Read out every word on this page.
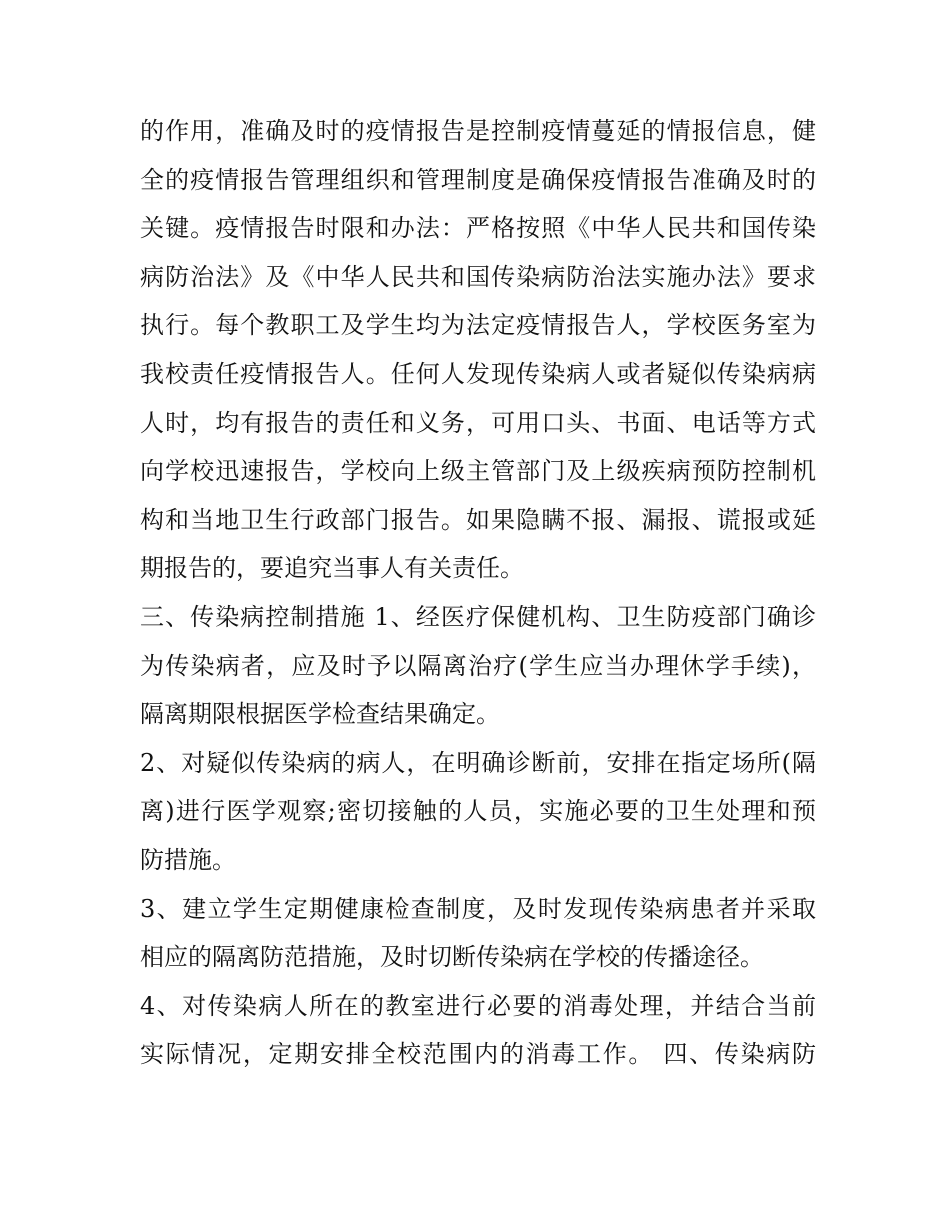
的作用，准确及时的疫情报告是控制疫情蔓延的情报信息，健
全的疫情报告管理组织和管理制度是确保疫情报告准确及时的
关键。疫情报告时限和办法：严格按照《中华人民共和国传染
病防治法》及《中华人民共和国传染病防治法实施办法》要求
执行。每个教职工及学生均为法定疫情报告人，学校医务室为
我校责任疫情报告人。任何人发现传染病人或者疑似传染病病
人时，均有报告的责任和义务，可用口头、书面、电话等方式
向学校迅速报告，学校向上级主管部门及上级疾病预防控制机
构和当地卫生行政部门报告。如果隐瞒不报、漏报、谎报或延
期报告的，要追究当事人有关责任。
三、传染病控制措施 1、经医疗保健机构、卫生防疫部门确诊
为传染病者，应及时予以隔离治疗(学生应当办理休学手续)，
隔离期限根据医学检查结果确定。
2、对疑似传染病的病人，在明确诊断前，安排在指定场所(隔
离)进行医学观察;密切接触的人员，实施必要的卫生处理和预
防措施。
3、建立学生定期健康检查制度，及时发现传染病患者并采取
相应的隔离防范措施，及时切断传染病在学校的传播途径。
4、对传染病人所在的教室进行必要的消毒处理，并结合当前
实际情况，定期安排全校范围内的消毒工作。 四、传染病防
